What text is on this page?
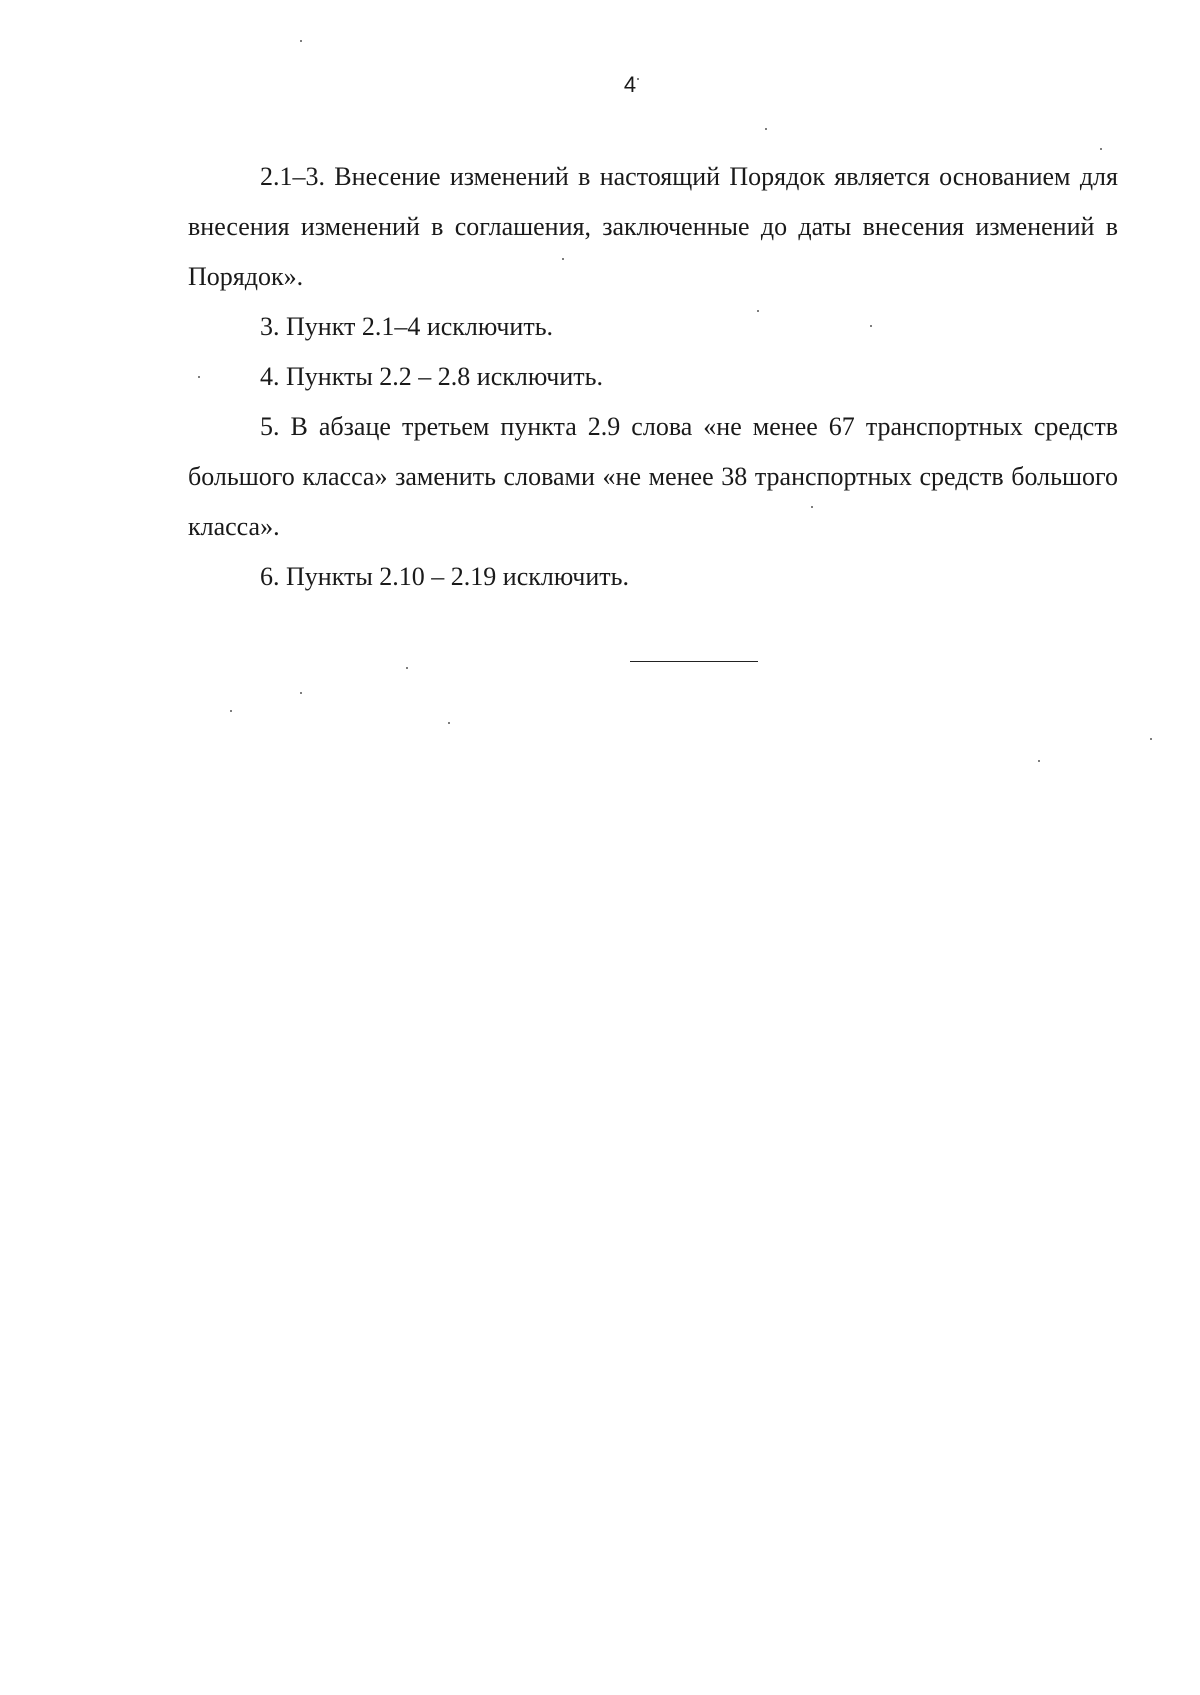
4

2.1–3. Внесение изменений в настоящий Порядок является основанием для внесения изменений в соглашения, заключенные до даты внесения изменений в Порядок».

3. Пункт 2.1–4 исключить.

4. Пункты 2.2 – 2.8 исключить.

5. В абзаце третьем пункта 2.9 слова «не менее 67 транспортных средств большого класса» заменить словами «не менее 38 транспортных средств большого класса».

6. Пункты 2.10 – 2.19 исключить.
